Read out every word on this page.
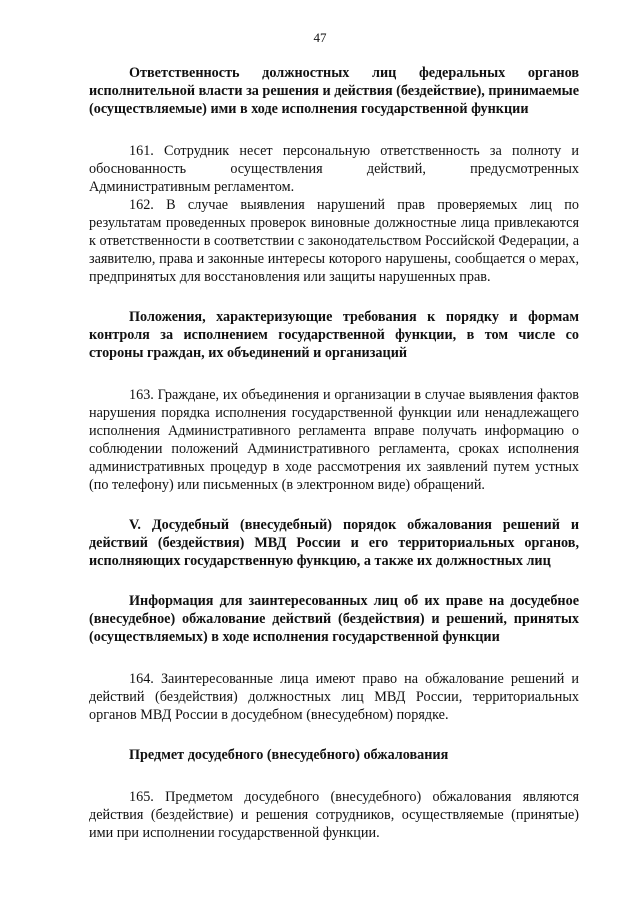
47

Ответственность должностных лиц федеральных органов исполнительной власти за решения и действия (бездействие), принимаемые (осуществляемые) ими в ходе исполнения государственной функции

161. Сотрудник несет персональную ответственность за полноту и обоснованность осуществления действий, предусмотренных Административным регламентом.

162. В случае выявления нарушений прав проверяемых лиц по результатам проведенных проверок виновные должностные лица привлекаются к ответственности в соответствии с законодательством Российской Федерации, а заявителю, права и законные интересы которого нарушены, сообщается о мерах, предпринятых для восстановления или защиты нарушенных прав.

Положения, характеризующие требования к порядку и формам контроля за исполнением государственной функции, в том числе со стороны граждан, их объединений и организаций

163. Граждане, их объединения и организации в случае выявления фактов нарушения порядка исполнения государственной функции или ненадлежащего исполнения Административного регламента вправе получать информацию о соблюдении положений Административного регламента, сроках исполнения административных процедур в ходе рассмотрения их заявлений путем устных (по телефону) или письменных (в электронном виде) обращений.

V. Досудебный (внесудебный) порядок обжалования решений и действий (бездействия) МВД России и его территориальных органов, исполняющих государственную функцию, а также их должностных лиц

Информация для заинтересованных лиц об их праве на досудебное (внесудебное) обжалование действий (бездействия) и решений, принятых (осуществляемых) в ходе исполнения государственной функции

164. Заинтересованные лица имеют право на обжалование решений и действий (бездействия) должностных лиц МВД России, территориальных органов МВД России в досудебном (внесудебном) порядке.

Предмет досудебного (внесудебного) обжалования

165. Предметом досудебного (внесудебного) обжалования являются действия (бездействие) и решения сотрудников, осуществляемые (принятые) ими при исполнении государственной функции.
